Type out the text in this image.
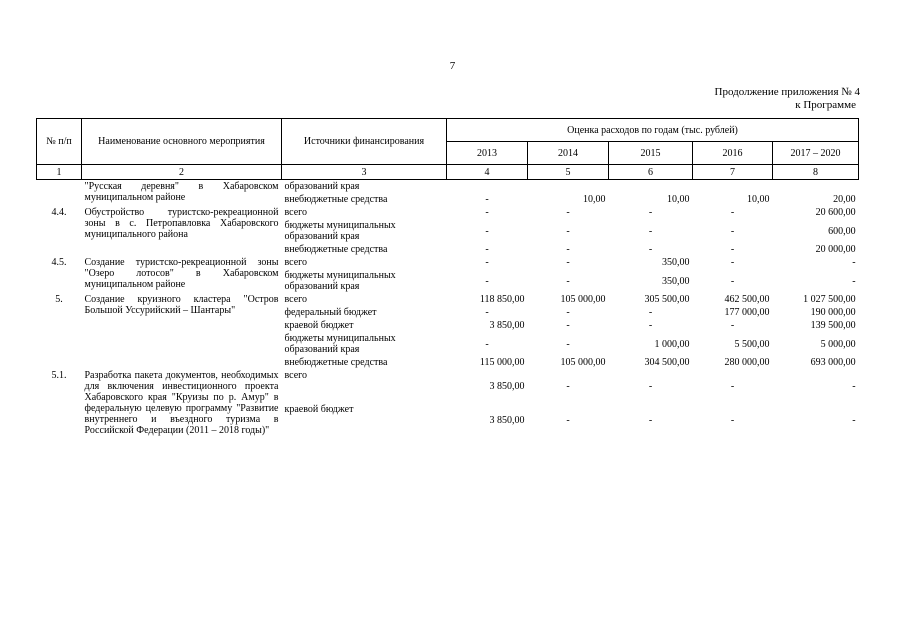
7
Продолжение приложения № 4
к Программе
№ п/п	Наименование основного мероприятия	Источники финансирования	Оценка расходов по годам (тыс. рублей)				
			2013	2014	2015	2016	2017 – 2020
1	2	3	4	5	6	7	8
	"Русская деревня" в Хабаровском муниципальном районе	образований края					
		внебюджетные средства	-	10,00	10,00	10,00	20,00
4.4.	Обустройство туристско-рекреационной зоны в с. Петропавловка Хабаровского муниципального района	всего	-	-	-	-	20 600,00
		бюджеты муниципальных образований края	-	-	-	-	600,00
		внебюджетные средства	-	-	-	-	20 000,00
4.5.	Создание туристско-рекреационной зоны "Озеро лотосов" в Хабаровском муниципальном районе	всего	-	-	350,00	-	-
		бюджеты муниципальных образований края	-	-	350,00	-	-
5.	Создание круизного кластера "Остров Большой Уссурийский – Шантары"	всего	118 850,00	105 000,00	305 500,00	462 500,00	1 027 500,00
		федеральный бюджет	-	-	-	177 000,00	190 000,00
		краевой бюджет	3 850,00	-	-	-	139 500,00
		бюджеты муниципальных образований края	-	-	1 000,00	5 500,00	5 000,00
		внебюджетные средства	115 000,00	105 000,00	304 500,00	280 000,00	693 000,00
5.1.	Разработка пакета документов, необходимых для включения инвестиционного проекта Хабаровского края "Круизы по р. Амур" в федеральную целевую программу "Развитие внутреннего и въездного туризма в Российской Федерации (2011 – 2018 годы)"	всего	3 850,00	-	-	-	-
		краевой бюджет	3 850,00	-	-	-	-
